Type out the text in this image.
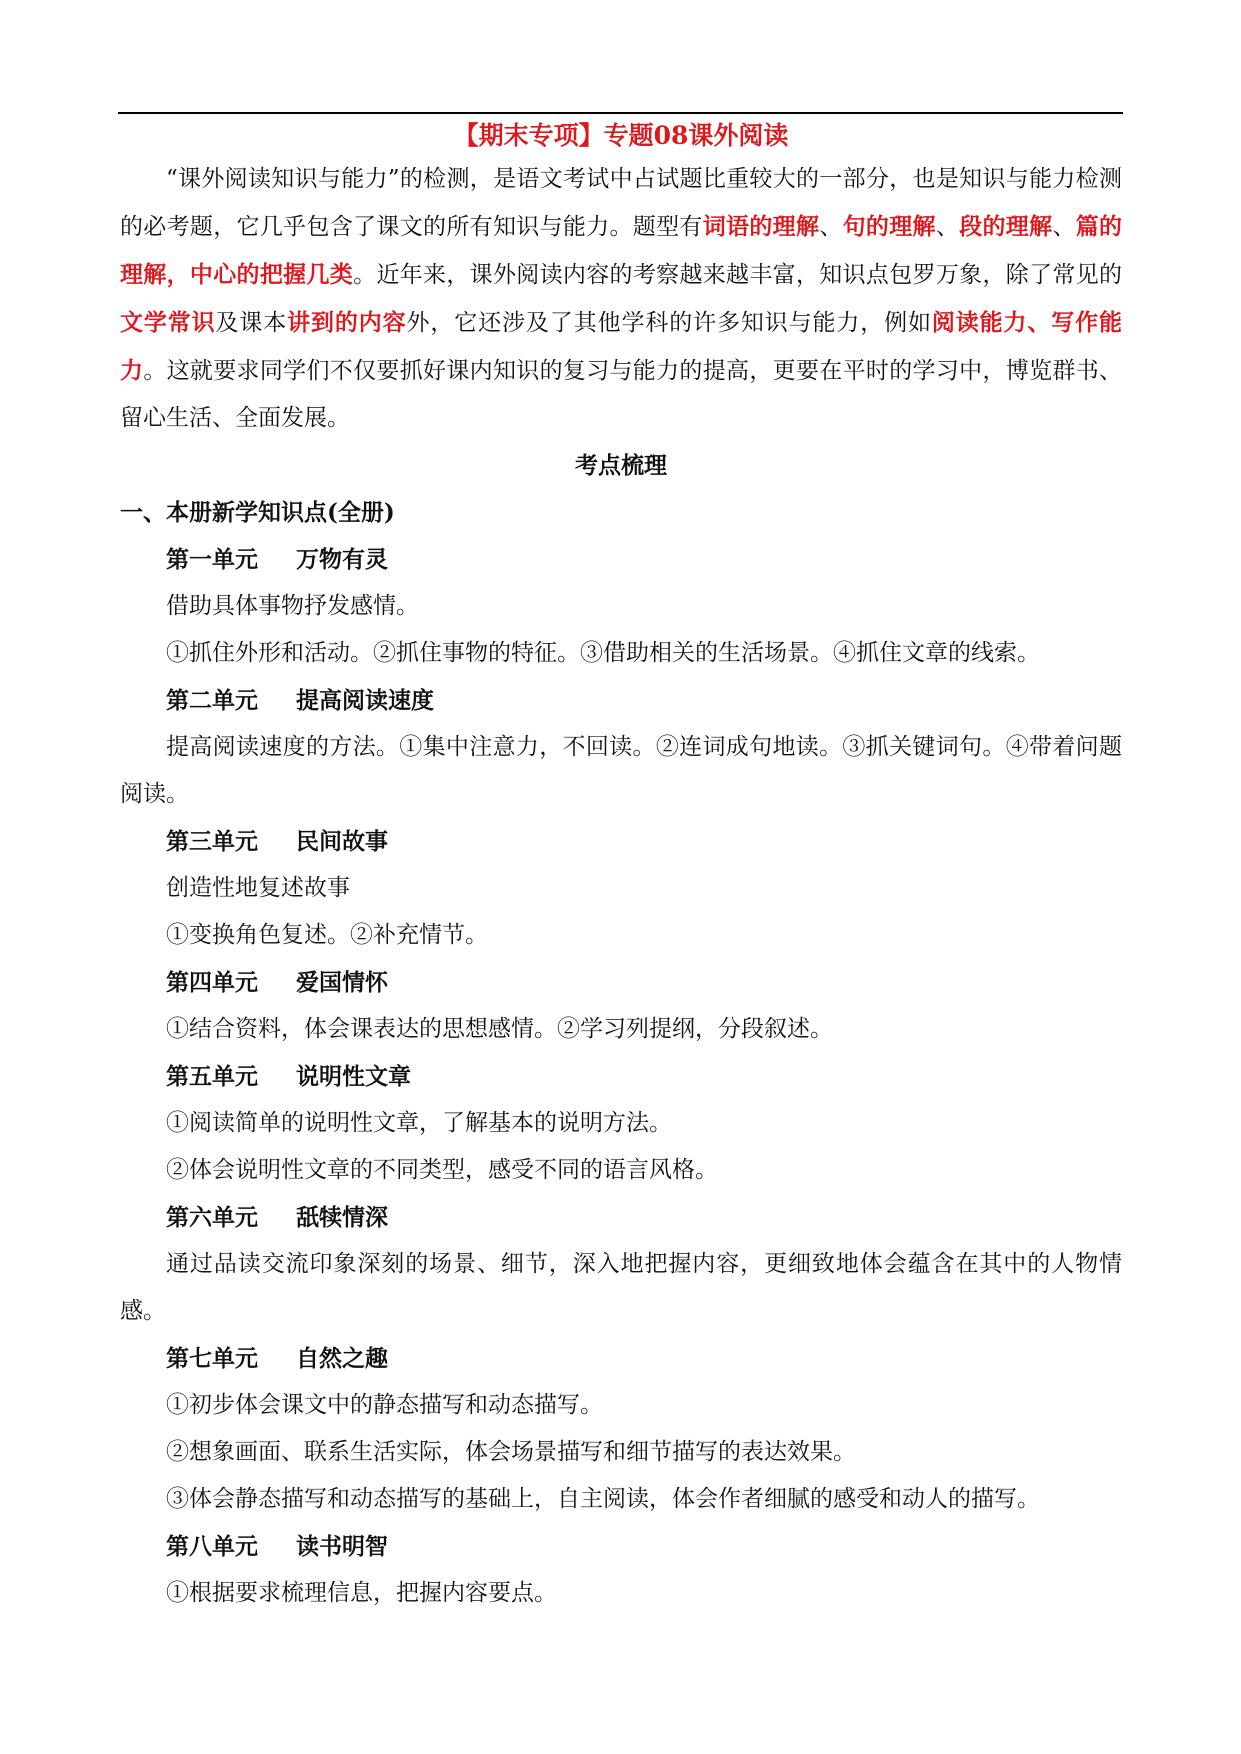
【期末专项】专题08课外阅读

“课外阅读知识与能力”的检测，是语文考试中占试题比重较大的一部分，也是知识与能力检测的必考题，它几乎包含了课文的所有知识与能力。题型有词语的理解、句的理解、段的理解、篇的理解，中心的把握几类。近年来，课外阅读内容的考察越来越丰富，知识点包罗万象，除了常见的文学常识及课本讲到的内容外，它还涉及了其他学科的许多知识与能力，例如阅读能力、写作能力。这就要求同学们不仅要抓好课内知识的复习与能力的提高，更要在平时的学习中，博览群书、留心生活、全面发展。

考点梳理
一、本册新学知识点(全册)
第一单元 万物有灵

借助具体事物抒发感情。

①抓住外形和活动。②抓住事物的特征。③借助相关的生活场景。④抓住文章的线索。

第二单元 提高阅读速度

提高阅读速度的方法。①集中注意力，不回读。②连词成句地读。③抓关键词句。④带着问题阅读。

第三单元 民间故事

创造性地复述故事

①变换角色复述。②补充情节。

第四单元 爱国情怀

①结合资料，体会课表达的思想感情。②学习列提纲，分段叙述。

第五单元 说明性文章

①阅读简单的说明性文章，了解基本的说明方法。

②体会说明性文章的不同类型，感受不同的语言风格。

第六单元 舐犊情深

通过品读交流印象深刻的场景、细节，深入地把握内容，更细致地体会蕴含在其中的人物情感。

第七单元 自然之趣

①初步体会课文中的静态描写和动态描写。

②想象画面、联系生活实际，体会场景描写和细节描写的表达效果。

③体会静态描写和动态描写的基础上，自主阅读，体会作者细腻的感受和动人的描写。

第八单元 读书明智

①根据要求梳理信息，把握内容要点。
